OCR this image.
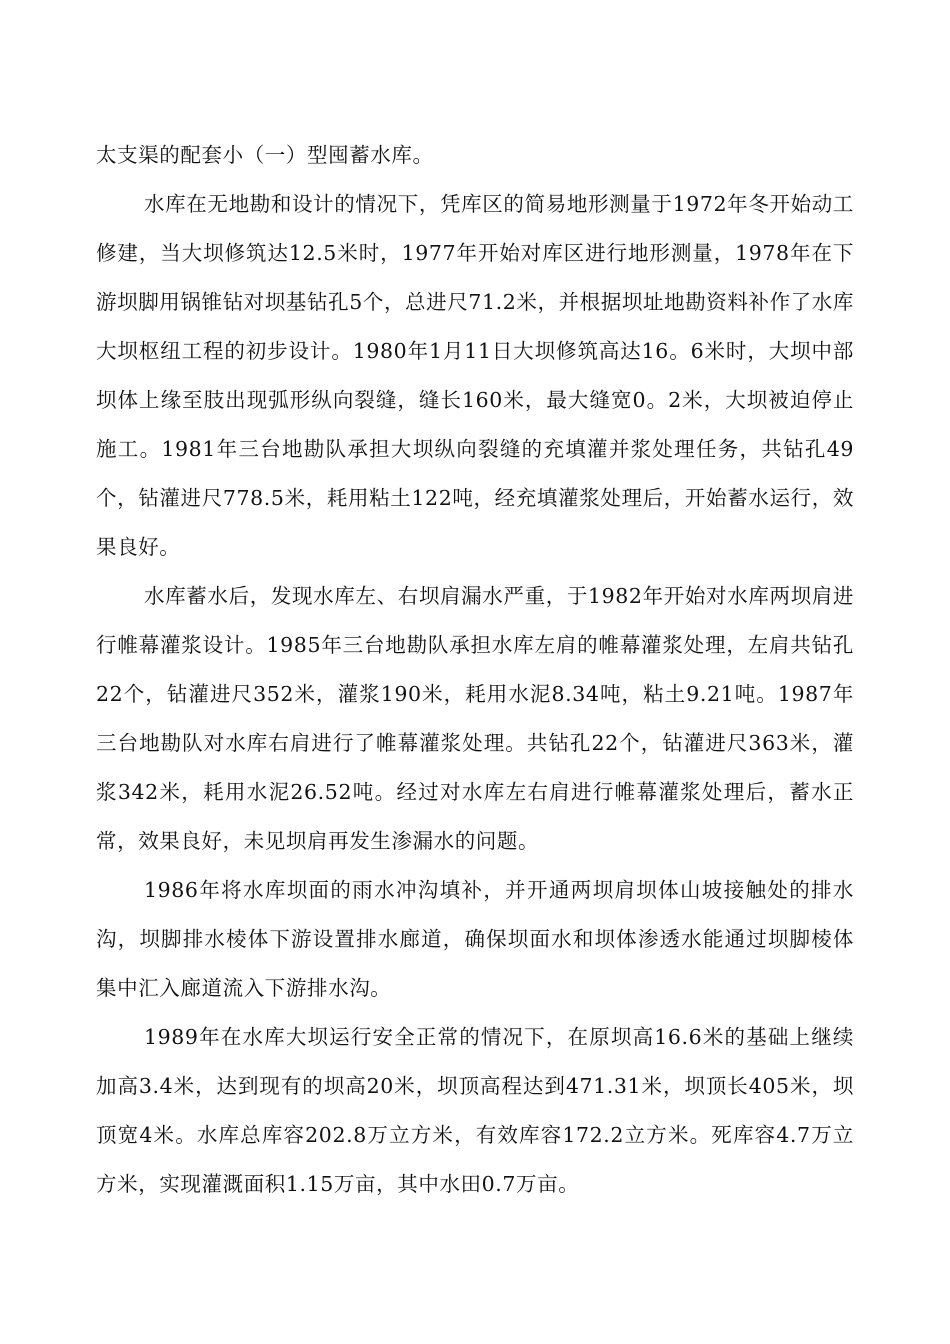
太支渠的配套小（一）型囤蓄水库。

水库在无地勘和设计的情况下，凭库区的简易地形测量于1972年冬开始动工修建，当大坝修筑达12.5米时，1977年开始对库区进行地形测量，1978年在下游坝脚用锅锥钻对坝基钻孔5个，总进尺71.2米，并根据坝址地勘资料补作了水库大坝枢纽工程的初步设计。1980年1月11日大坝修筑高达16。6米时，大坝中部坝体上缘至肢出现弧形纵向裂缝，缝长160米，最大缝宽0。2米，大坝被迫停止施工。1981年三台地勘队承担大坝纵向裂缝的充填灌并浆处理任务，共钻孔49个，钻灌进尺778.5米，耗用粘土122吨，经充填灌浆处理后，开始蓄水运行，效果良好。

水库蓄水后，发现水库左、右坝肩漏水严重，于1982年开始对水库两坝肩进行帷幕灌浆设计。1985年三台地勘队承担水库左肩的帷幕灌浆处理，左肩共钻孔22个，钻灌进尺352米，灌浆190米，耗用水泥8.34吨，粘土9.21吨。1987年三台地勘队对水库右肩进行了帷幕灌浆处理。共钻孔22个，钻灌进尺363米，灌浆342米，耗用水泥26.52吨。经过对水库左右肩进行帷幕灌浆处理后，蓄水正常，效果良好，未见坝肩再发生渗漏水的问题。

1986年将水库坝面的雨水冲沟填补，并开通两坝肩坝体山坡接触处的排水沟，坝脚排水棱体下游设置排水廊道，确保坝面水和坝体渗透水能通过坝脚棱体集中汇入廊道流入下游排水沟。

1989年在水库大坝运行安全正常的情况下，在原坝高16.6米的基础上继续加高3.4米，达到现有的坝高20米，坝顶高程达到471.31米，坝顶长405米，坝顶宽4米。水库总库容202.8万立方米，有效库容172.2立方米。死库容4.7万立方米，实现灌溉面积1.15万亩，其中水田0.7万亩。
